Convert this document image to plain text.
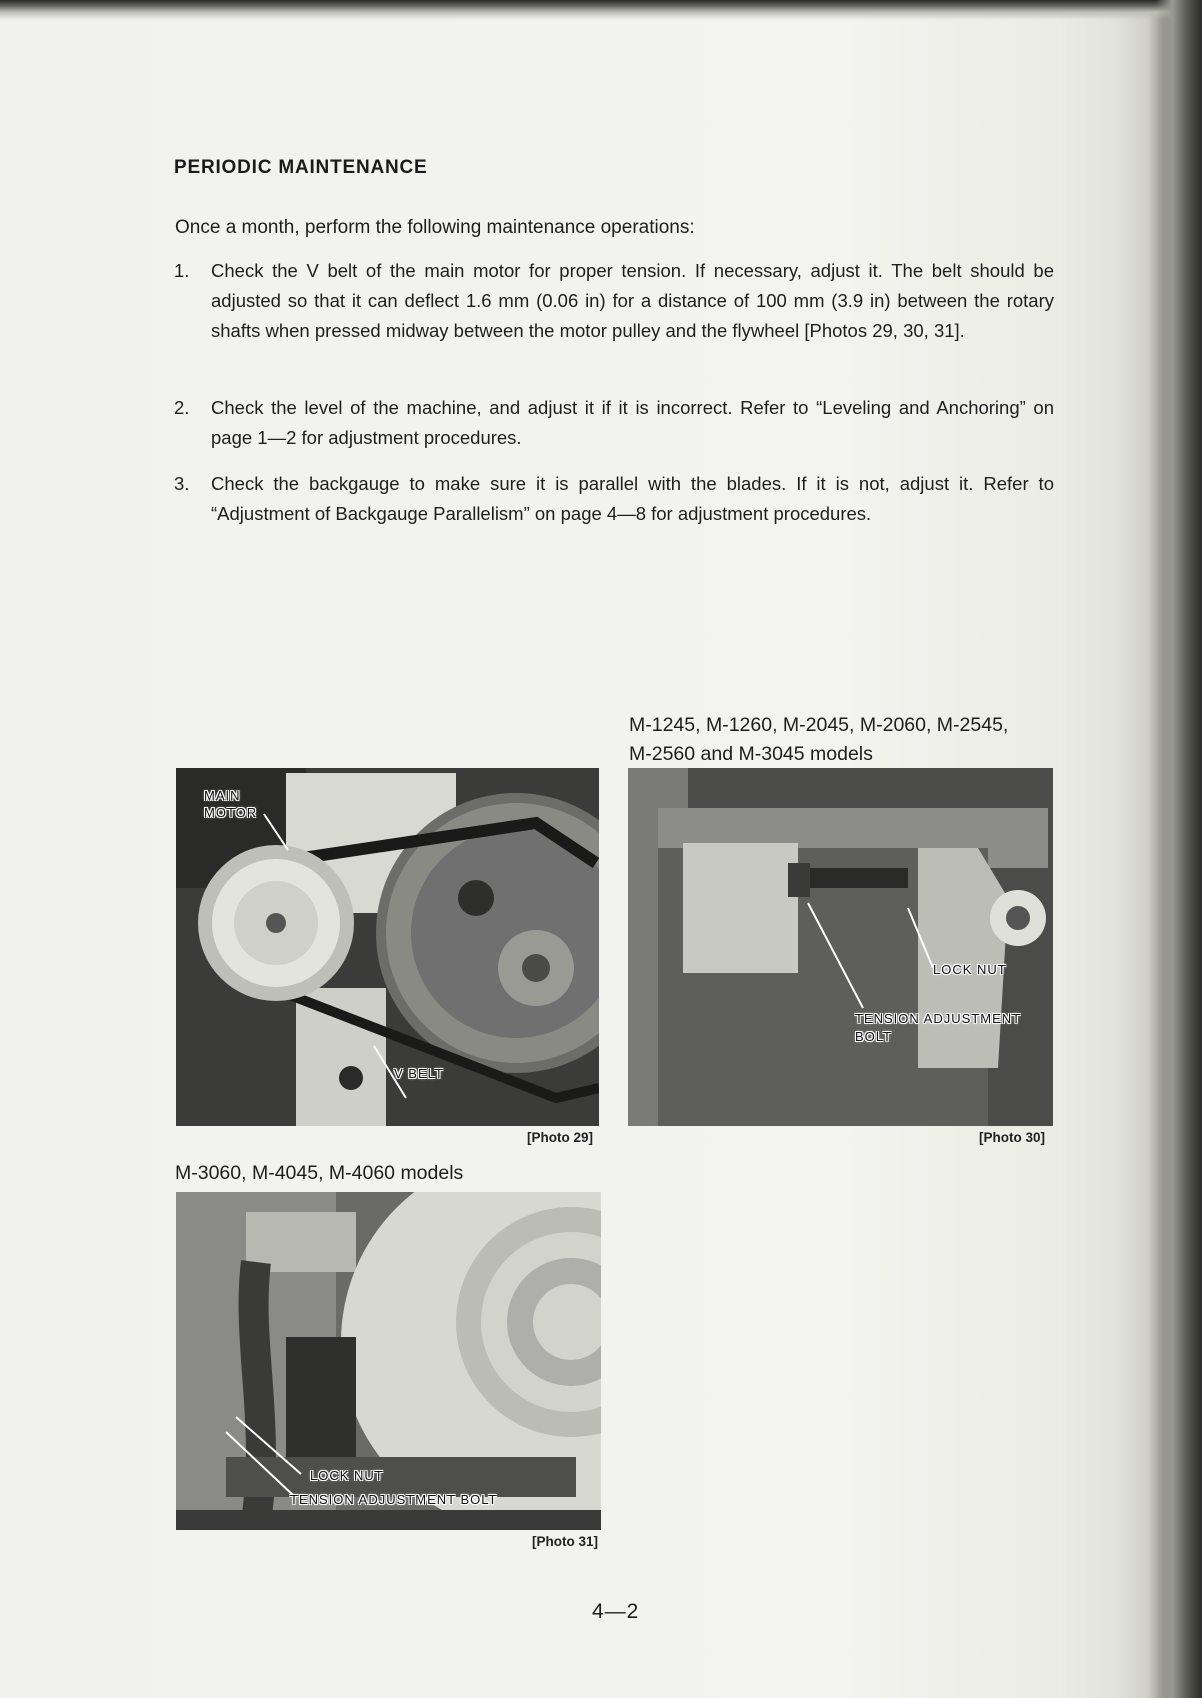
PERIODIC MAINTENANCE
Once a month, perform the following maintenance operations:
1. Check the V belt of the main motor for proper tension. If necessary, adjust it. The belt should be adjusted so that it can deflect 1.6 mm (0.06 in) for a distance of 100 mm (3.9 in) between the rotary shafts when pressed midway between the motor pulley and the flywheel [Photos 29, 30, 31].
2. Check the level of the machine, and adjust it if it is incorrect. Refer to “Leveling and Anchoring” on page 1—2 for adjustment procedures.
3. Check the backgauge to make sure it is parallel with the blades. If it is not, adjust it. Refer to “Adjustment of Backgauge Parallelism” on page 4—8 for adjustment procedures.
M-1245, M-1260, M-2045, M-2060, M-2545,
M-2560 and M-3045 models
MAIN
MOTOR
V BELT
[Photo 29]
LOCK NUT
TENSION ADJUSTMENT
BOLT
[Photo 30]
M-3060, M-4045, M-4060 models
LOCK NUT
TENSION ADJUSTMENT BOLT
[Photo 31]
4—2
